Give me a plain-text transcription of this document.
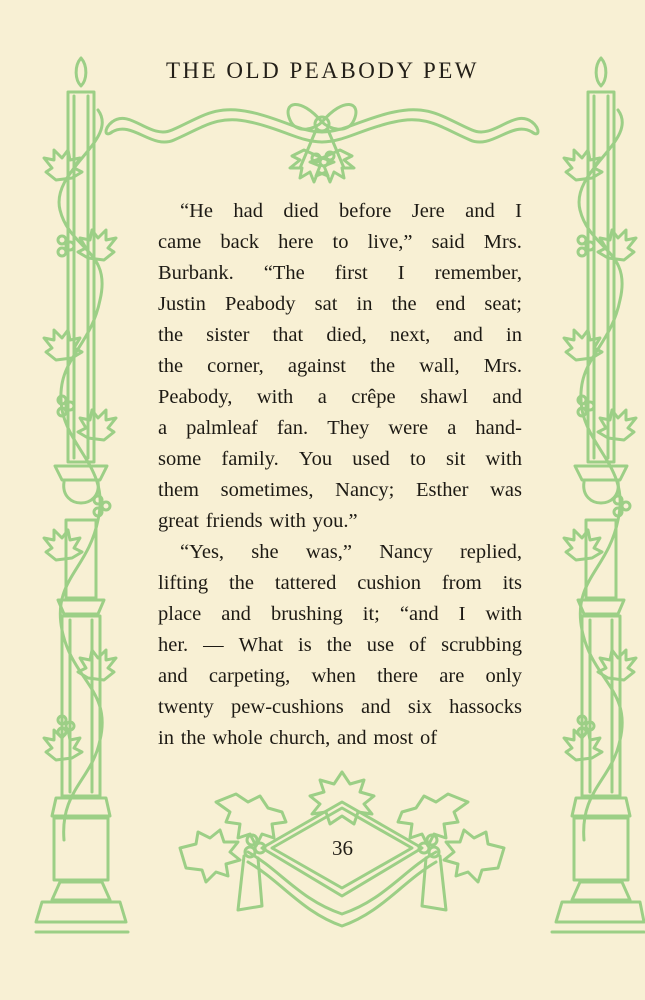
THE OLD PEABODY PEW
“He had died before Jere and I
came back here to live,” said Mrs.
Burbank. “The first I remember,
Justin Peabody sat in the end seat;
the sister that died, next, and in
the corner, against the wall, Mrs.
Peabody, with a crêpe shawl and
a palmleaf fan. They were a hand-
some family. You used to sit with
them sometimes, Nancy; Esther was
great friends with you.”
“Yes, she was,” Nancy replied,
lifting the tattered cushion from its
place and brushing it; “and I with
her. — What is the use of scrubbing
and carpeting, when there are only
twenty pew-cushions and six hassocks
in the whole church, and most of
36
